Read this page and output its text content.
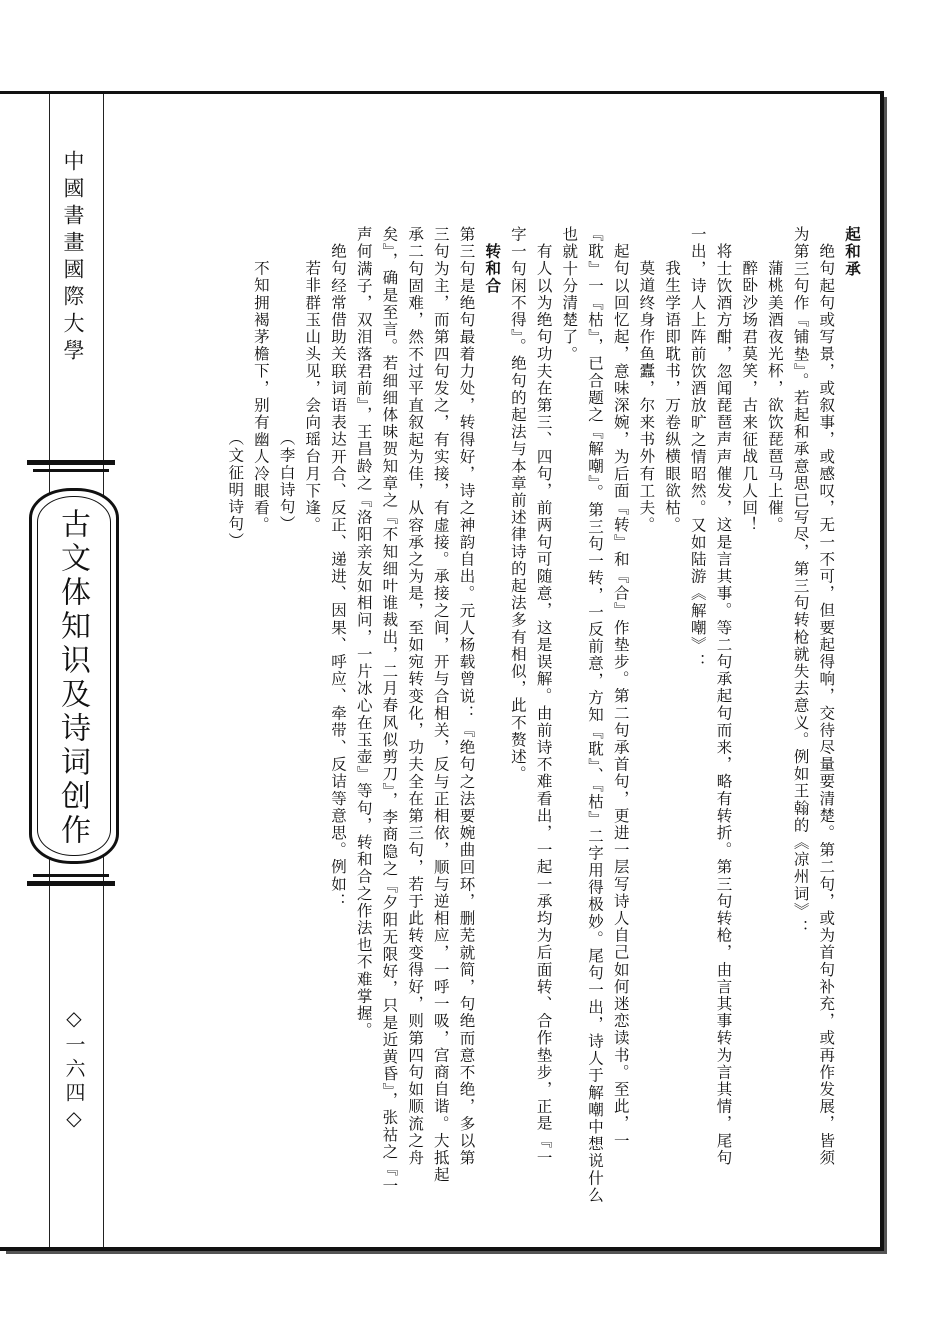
中國書畫國際大學
古文体知识及诗词创作
◇一六四◇
起和承
绝句起句或写景，或叙事，或感叹，无一不可，但要起得响，交待尽量要清楚。第二句，或为首句补充，或再作发展，皆须
为第三句作『铺垫』。若起和承意思已写尽，第三句转枪就失去意义。例如王翰的《凉州词》：
蒲桃美酒夜光杯，欲饮琵琶马上催。
醉卧沙场君莫笑，古来征战几人回！
将士饮酒方酣，忽闻琵琶声声催发，这是言其事。等二句承起句而来，略有转折。第三句转枪，由言其事转为言其情，尾句
一出，诗人上阵前饮酒放旷之情昭然。又如陆游《解嘲》：
我生学语即耽书，万卷纵横眼欲枯。
莫道终身作鱼蠹，尔来书外有工夫。
起句以回忆起，意味深婉，为后面『转』和『合』作垫步。第二句承首句，更进一层写诗人自己如何迷恋读书。至此，一
『耽』一『枯』，已合题之『解嘲』。第三句一转，一反前意，方知『耽』、『枯』二字用得极妙。尾句一出，诗人于解嘲中想说什么
也就十分清楚了。
有人以为绝句功夫在第三、四句，前两句可随意，这是误解。由前诗不难看出，一起一承均为后面转、合作垫步，正是『一
字一句闲不得』。绝句的起法与本章前述律诗的起法多有相似，此不赘述。
转和合
第三句是绝句最着力处，转得好，诗之神韵自出。元人杨载曾说：『绝句之法要婉曲回环，删芜就简，句绝而意不绝，多以第
三句为主，而第四句发之，有实接，有虚接。承接之间，开与合相关，反与正相依，顺与逆相应，一呼一吸，宫商自谐。大抵起
承二句固难，然不过平直叙起为佳，从容承之为是，至如宛转变化，功夫全在第三句，若于此转变得好，则第四句如顺流之舟
矣』，确是至言。若细细体味贺知章之『不知细叶谁裁出，二月春风似剪刀』，李商隐之『夕阳无限好，只是近黄昏』，张祜之『一
声何满子，双泪落君前』，王昌龄之『洛阳亲友如相问，一片冰心在玉壶』等句，转和合之作法也不难掌握。
绝句经常借助关联词语表达开合、反正、递进、因果、呼应、牵带、反诘等意思。例如：
若非群玉山头见，会向瑶台月下逢。
（李白诗句）
不知拥褐茅檐下，别有幽人冷眼看。
（文征明诗句）
